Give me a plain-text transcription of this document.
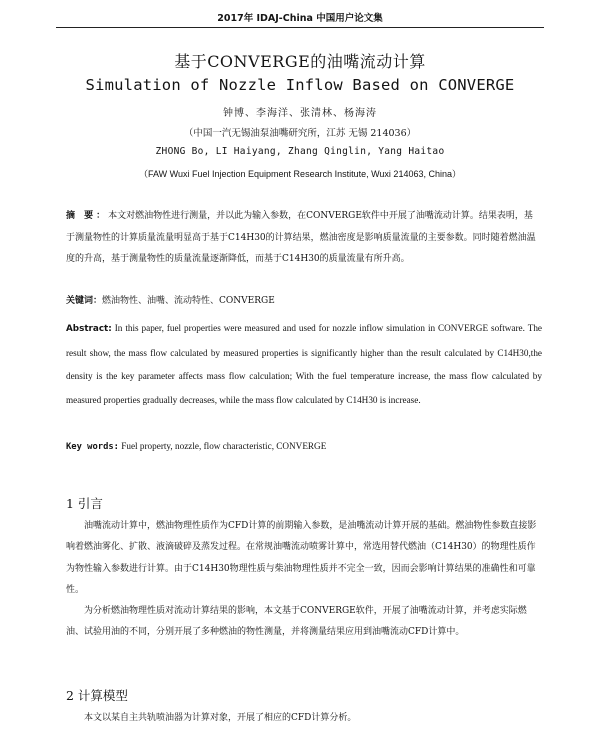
2017年 IDAJ-China 中国用户论文集
基于CONVERGE的油嘴流动计算
Simulation of Nozzle Inflow Based on CONVERGE
钟博、李海洋、张清林、杨海涛
（中国一汽无锡油泵油嘴研究所，江苏 无锡 214036）
ZHONG Bo, LI Haiyang, Zhang Qinglin, Yang Haitao
（FAW Wuxi Fuel Injection Equipment Research Institute, Wuxi 214063, China）
摘 要：本文对燃油物性进行测量，并以此为输入参数，在CONVERGE软件中开展了油嘴流动计算。结果表明，基于测量物性的计算质量流量明显高于基于C14H30的计算结果，燃油密度是影响质量流量的主要参数。同时随着燃油温度的升高，基于测量物性的质量流量逐渐降低，而基于C14H30的质量流量有所升高。
关键词：燃油物性、油嘴、流动特性、CONVERGE
Abstract: In this paper, fuel properties were measured and used for nozzle inflow simulation in CONVERGE software. The result show, the mass flow calculated by measured properties is significantly higher than the result calculated by C14H30,the density is the key parameter affects mass flow calculation; With the fuel temperature increase, the mass flow calculated by measured properties gradually decreases, while the mass flow calculated by C14H30 is increase.
Key words: Fuel property, nozzle, flow characteristic, CONVERGE
1 引言

油嘴流动计算中，燃油物理性质作为CFD计算的前期输入参数，是油嘴流动计算开展的基础。燃油物性参数直接影响着燃油雾化、扩散、液滴破碎及蒸发过程。在常规油嘴流动喷雾计算中，常选用替代燃油（C14H30）的物理性质作为物性输入参数进行计算。由于C14H30物理性质与柴油物理性质并不完全一致，因而会影响计算结果的准确性和可靠性。

为分析燃油物理性质对流动计算结果的影响，本文基于CONVERGE软件，开展了油嘴流动计算，并考虑实际燃油、试验用油的不同，分别开展了多种燃油的物性测量，并将测量结果应用到油嘴流动CFD计算中。

2 计算模型
本文以某自主共轨喷油器为计算对象，开展了相应的CFD计算分析。
